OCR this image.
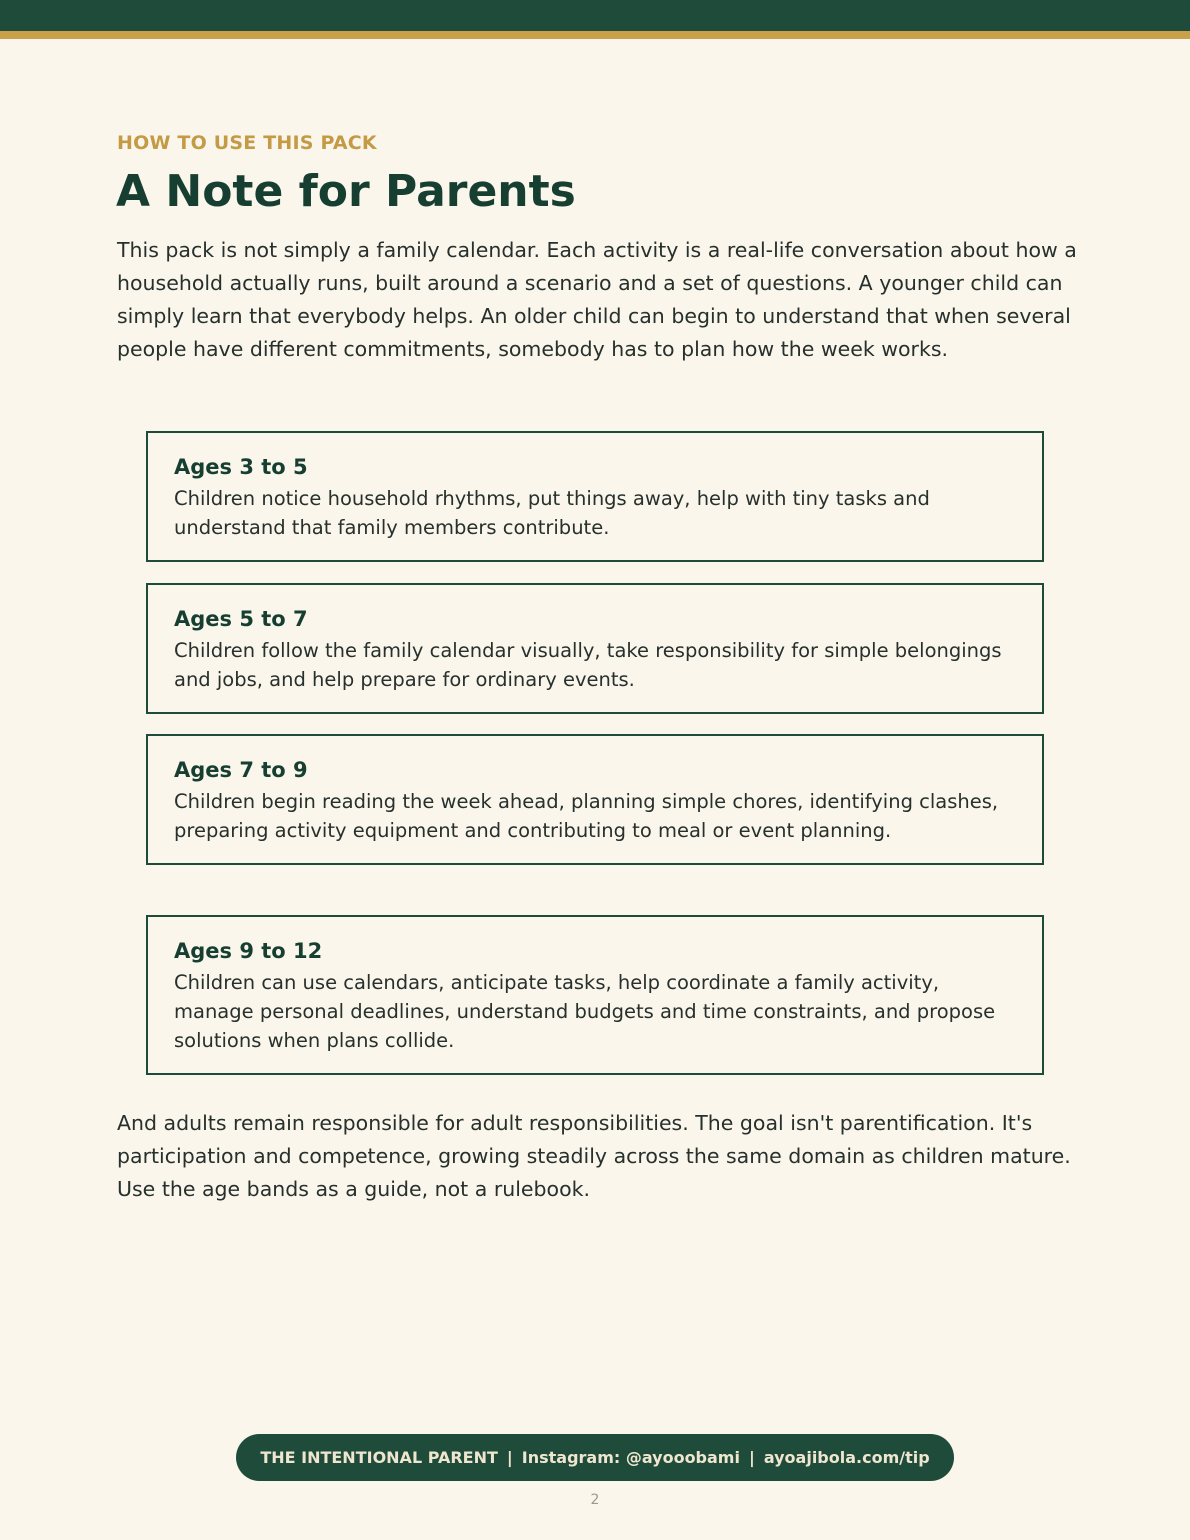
HOW TO USE THIS PACK
A Note for Parents

This pack is not simply a family calendar. Each activity is a real-life conversation about how a household actually runs, built around a scenario and a set of questions. A younger child can simply learn that everybody helps. An older child can begin to understand that when several people have different commitments, somebody has to plan how the week works.

Ages 3 to 5

Children notice household rhythms, put things away, help with tiny tasks and understand that family members contribute.

Ages 5 to 7

Children follow the family calendar visually, take responsibility for simple belongings and jobs, and help prepare for ordinary events.

Ages 7 to 9

Children begin reading the week ahead, planning simple chores, identifying clashes, preparing activity equipment and contributing to meal or event planning.

Ages 9 to 12

Children can use calendars, anticipate tasks, help coordinate a family activity, manage personal deadlines, understand budgets and time constraints, and propose solutions when plans collide.

And adults remain responsible for adult responsibilities. The goal isn't parentification. It's participation and competence, growing steadily across the same domain as children mature. Use the age bands as a guide, not a rulebook.

THE INTENTIONAL PARENT | Instagram: @ayooobami | ayoajibola.com/tip
2
